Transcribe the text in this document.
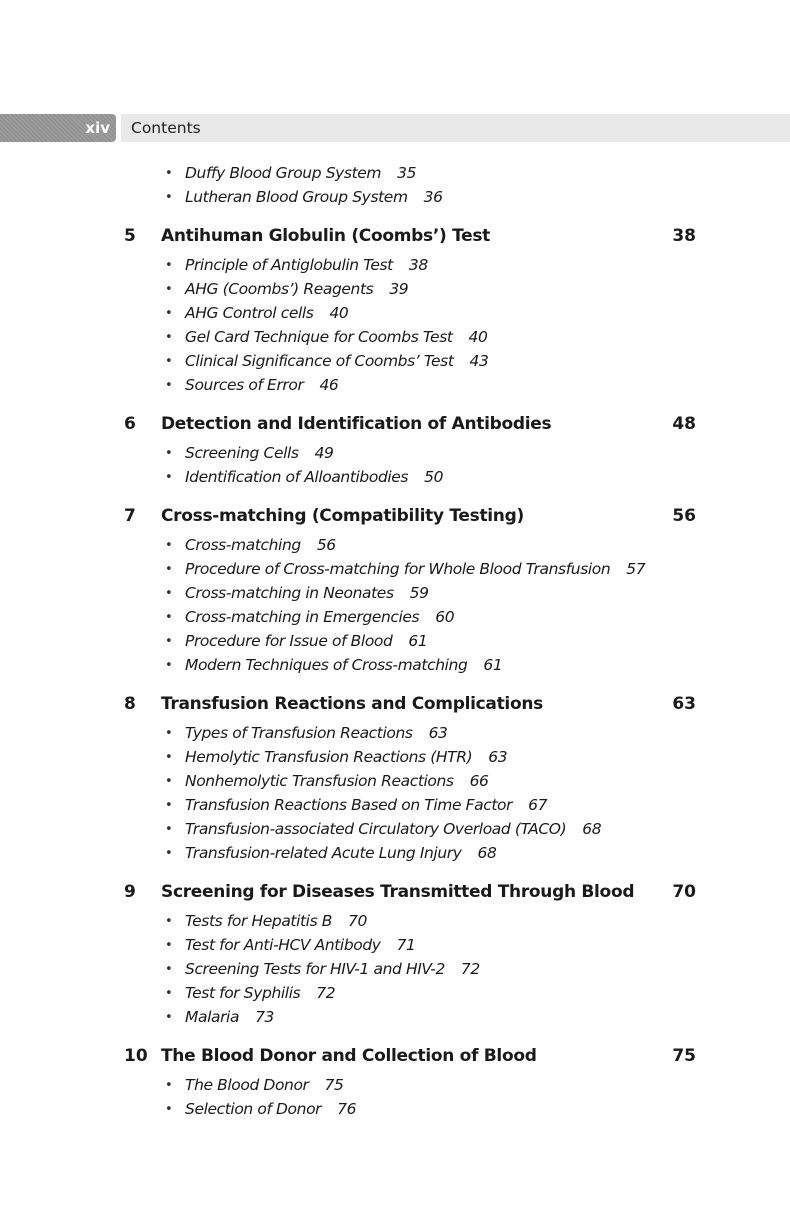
xiv Contents
• Duffy Blood Group System 35
• Lutheran Blood Group System 36
5 Antihuman Globulin (Coombs’) Test	38
• Principle of Antiglobulin Test 38
• AHG (Coombs’) Reagents 39
• AHG Control cells 40
• Gel Card Technique for Coombs Test 40
• Clinical Significance of Coombs’ Test 43
• Sources of Error 46
6 Detection and Identification of Antibodies	48
• Screening Cells 49
• Identification of Alloantibodies 50
7 Cross-matching (Compatibility Testing)	56
• Cross-matching 56
• Procedure of Cross-matching for Whole Blood Transfusion 57
• Cross-matching in Neonates 59
• Cross-matching in Emergencies 60
• Procedure for Issue of Blood 61
• Modern Techniques of Cross-matching 61
8 Transfusion Reactions and Complications	63
• Types of Transfusion Reactions 63
• Hemolytic Transfusion Reactions (HTR) 63
• Nonhemolytic Transfusion Reactions 66
• Transfusion Reactions Based on Time Factor 67
• Transfusion-associated Circulatory Overload (TACO) 68
• Transfusion-related Acute Lung Injury 68
9 Screening for Diseases Transmitted Through Blood 70
• Tests for Hepatitis B 70
• Test for Anti-HCV Antibody 71
• Screening Tests for HIV-1 and HIV-2 72
• Test for Syphilis 72
• Malaria 73
10 The Blood Donor and Collection of Blood	75
• The Blood Donor 75
• Selection of Donor 76
